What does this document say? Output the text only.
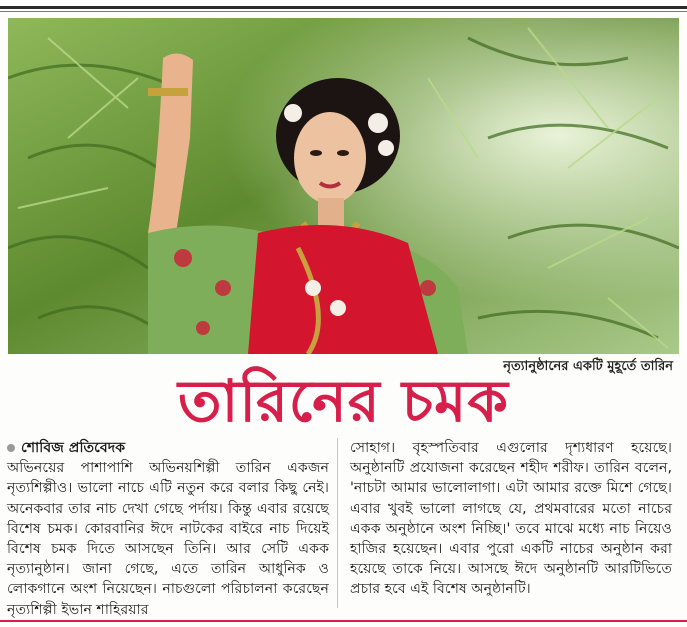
নৃত্যানুষ্ঠানের একটি মুহূর্তে তারিন
তারিনের চমক
শোবিজ প্রতিবেদক

অভিনয়ের পাশাপাশি অভিনয়শিল্পী তারিন একজন নৃত্যশিল্পীও। ভালো নাচে এটি নতুন করে বলার কিছু নেই। অনেকবার তার নাচ দেখা গেছে পর্দায়। কিন্তু এবার রয়েছে বিশেষ চমক। কোরবানির ঈদে নাটকের বাইরে নাচ দিয়েই বিশেষ চমক দিতে আসছেন তিনি। আর সেটি একক নৃত্যানুষ্ঠান। জানা গেছে, এতে তারিন আধুনিক ও লোকগানে অংশ নিয়েছেন। নাচগুলো পরিচালনা করেছেন নৃত্যশিল্পী ইভান শাহিরয়ার

সোহাগ। বৃহস্পতিবার এগুলোর দৃশ্যধারণ হয়েছে। অনুষ্ঠানটি প্রযোজনা করেছেন শহীদ শরীফ। তারিন বলেন, 'নাচটা আমার ভালোলাগা। এটা আমার রক্তে মিশে গেছে। এবার খুবই ভালো লাগছে যে, প্রথমবারের মতো নাচের একক অনুষ্ঠানে অংশ নিচ্ছি।' তবে মাঝে মধ্যে নাচ নিয়েও হাজির হয়েছেন। এবার পুরো একটি নাচের অনুষ্ঠান করা হয়েছে তাকে নিয়ে। আসছে ঈদে অনুষ্ঠানটি আরটিভিতে প্রচার হবে এই বিশেষ অনুষ্ঠানটি।
